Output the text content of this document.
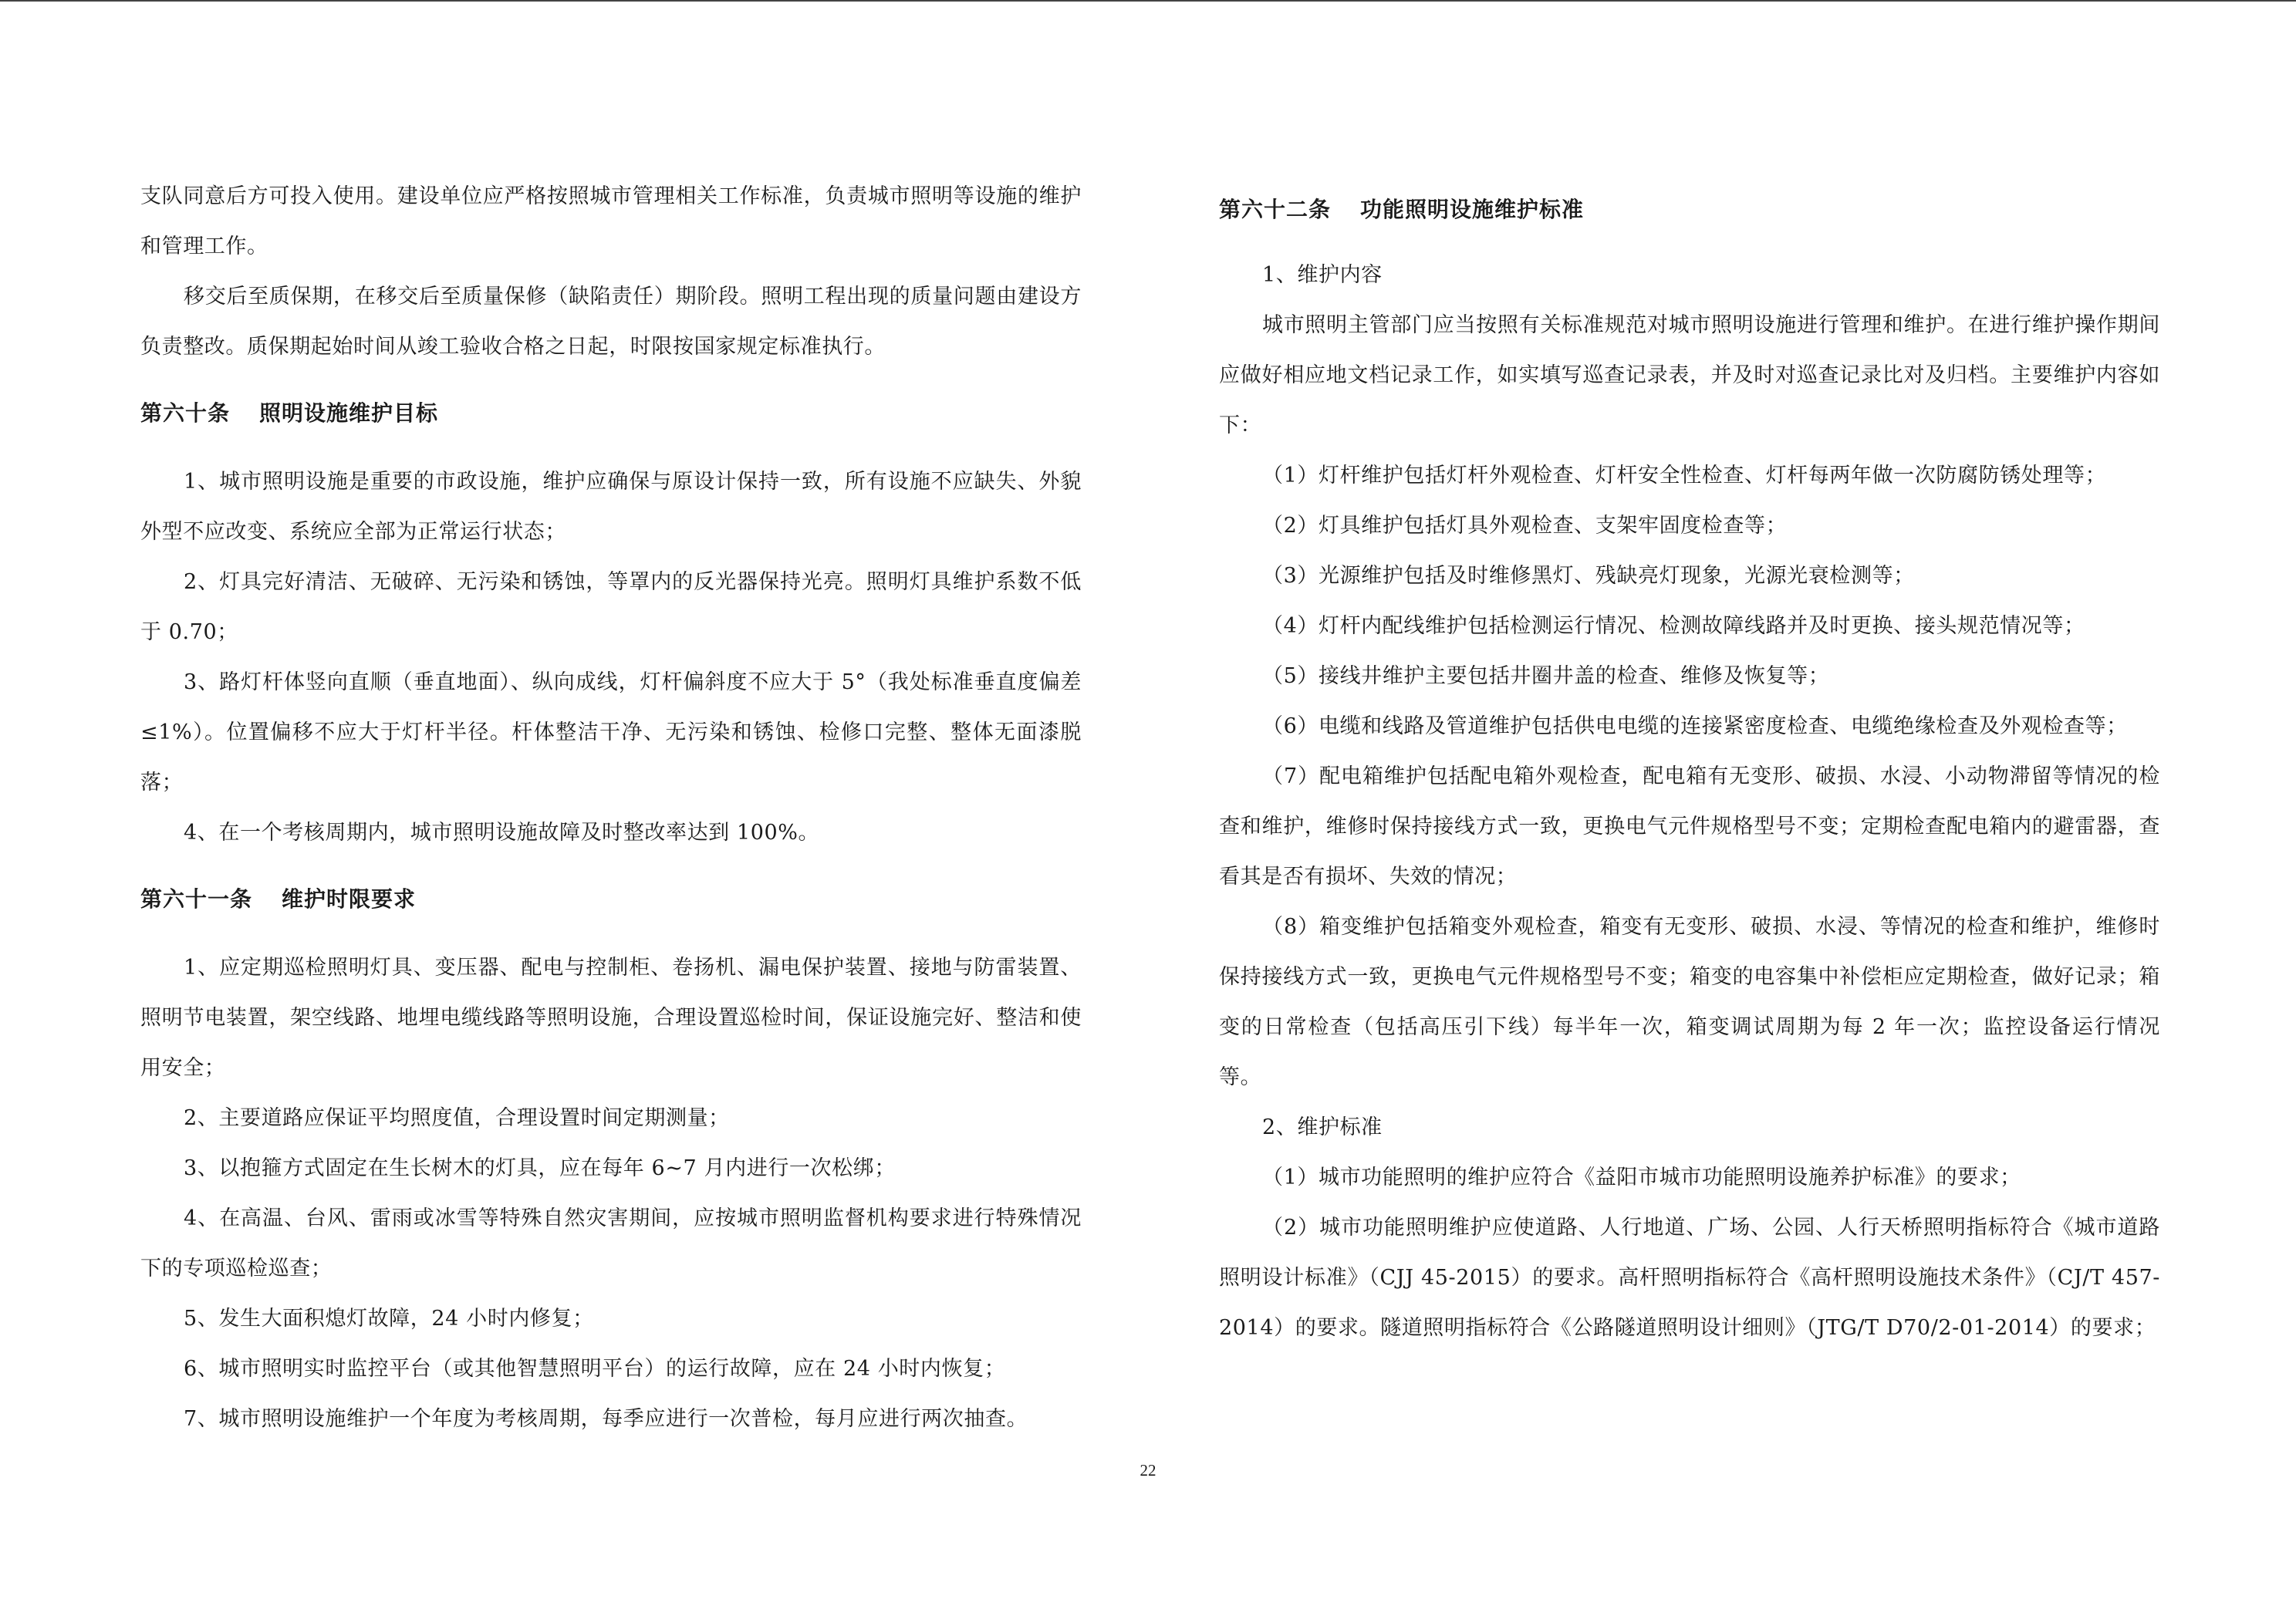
支队同意后方可投入使用。建设单位应严格按照城市管理相关工作标准，负责城市照明等设施的维护和管理工作。

移交后至质保期，在移交后至质量保修（缺陷责任）期阶段。照明工程出现的质量问题由建设方负责整改。质保期起始时间从竣工验收合格之日起，时限按国家规定标准执行。

第六十条 照明设施维护目标

1、城市照明设施是重要的市政设施，维护应确保与原设计保持一致，所有设施不应缺失、外貌外型不应改变、系统应全部为正常运行状态；

2、灯具完好清洁、无破碎、无污染和锈蚀，等罩内的反光器保持光亮。照明灯具维护系数不低于 0.70；

3、路灯杆体竖向直顺（垂直地面）、纵向成线，灯杆偏斜度不应大于 5°（我处标准垂直度偏差≤1%）。位置偏移不应大于灯杆半径。杆体整洁干净、无污染和锈蚀、检修口完整、整体无面漆脱落；

4、在一个考核周期内，城市照明设施故障及时整改率达到 100%。

第六十一条 维护时限要求

1、应定期巡检照明灯具、变压器、配电与控制柜、卷扬机、漏电保护装置、接地与防雷装置、照明节电装置，架空线路、地埋电缆线路等照明设施，合理设置巡检时间，保证设施完好、整洁和使用安全；

2、主要道路应保证平均照度值，合理设置时间定期测量；

3、以抱箍方式固定在生长树木的灯具，应在每年 6~7 月内进行一次松绑；

4、在高温、台风、雷雨或冰雪等特殊自然灾害期间，应按城市照明监督机构要求进行特殊情况下的专项巡检巡查；

5、发生大面积熄灯故障，24 小时内修复；

6、城市照明实时监控平台（或其他智慧照明平台）的运行故障，应在 24 小时内恢复；

7、城市照明设施维护一个年度为考核周期，每季应进行一次普检，每月应进行两次抽查。

第六十二条 功能照明设施维护标准

1、维护内容

城市照明主管部门应当按照有关标准规范对城市照明设施进行管理和维护。在进行维护操作期间应做好相应地文档记录工作，如实填写巡查记录表，并及时对巡查记录比对及归档。主要维护内容如下：

（1）灯杆维护包括灯杆外观检查、灯杆安全性检查、灯杆每两年做一次防腐防锈处理等；

（2）灯具维护包括灯具外观检查、支架牢固度检查等；

（3）光源维护包括及时维修黑灯、残缺亮灯现象，光源光衰检测等；

（4）灯杆内配线维护包括检测运行情况、检测故障线路并及时更换、接头规范情况等；

（5）接线井维护主要包括井圈井盖的检查、维修及恢复等；

（6）电缆和线路及管道维护包括供电电缆的连接紧密度检查、电缆绝缘检查及外观检查等；

（7）配电箱维护包括配电箱外观检查，配电箱有无变形、破损、水浸、小动物滞留等情况的检查和维护，维修时保持接线方式一致，更换电气元件规格型号不变；定期检查配电箱内的避雷器，查看其是否有损坏、失效的情况；

（8）箱变维护包括箱变外观检查，箱变有无变形、破损、水浸、等情况的检查和维护，维修时保持接线方式一致，更换电气元件规格型号不变；箱变的电容集中补偿柜应定期检查，做好记录；箱变的日常检查（包括高压引下线）每半年一次，箱变调试周期为每 2 年一次；监控设备运行情况等。

2、维护标准

（1）城市功能照明的维护应符合《益阳市城市功能照明设施养护标准》的要求；

（2）城市功能照明维护应使道路、人行地道、广场、公园、人行天桥照明指标符合《城市道路照明设计标准》（CJJ 45-2015）的要求。高杆照明指标符合《高杆照明设施技术条件》（CJ/T 457-2014）的要求。隧道照明指标符合《公路隧道照明设计细则》（JTG/T D70/2-01-2014）的要求；

22
